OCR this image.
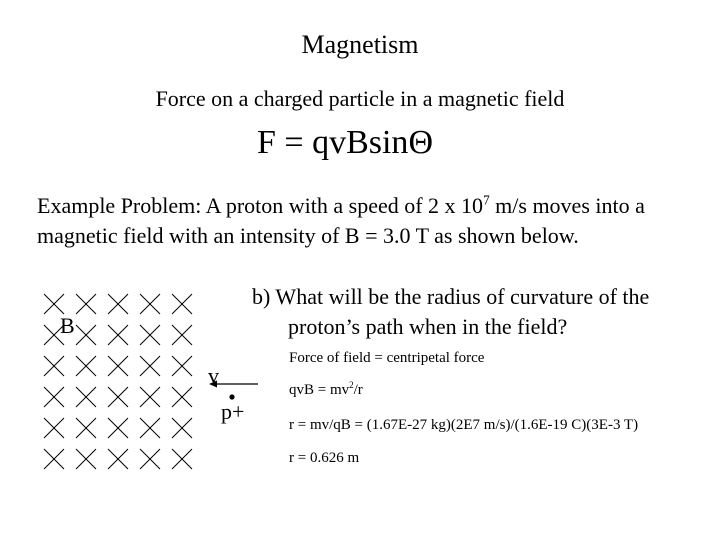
Magnetism
Force on a charged particle in a magnetic field
F = qvBsinΘ
Example Problem: A proton with a speed of 2 x $10^7$ m/s moves into a
magnetic field with an intensity of B = 3.0 T as shown below.
b) What will be the radius of curvature of the
proton’s path when in the field?
Force of field = centripetal force
qvB = $mv^2/r$
r = mv/qB = (1.67E-27 kg)(2E7 m/s)/(1.6E-19 C)(3E-3 T)
r = 0.626 m
B
v
p+
